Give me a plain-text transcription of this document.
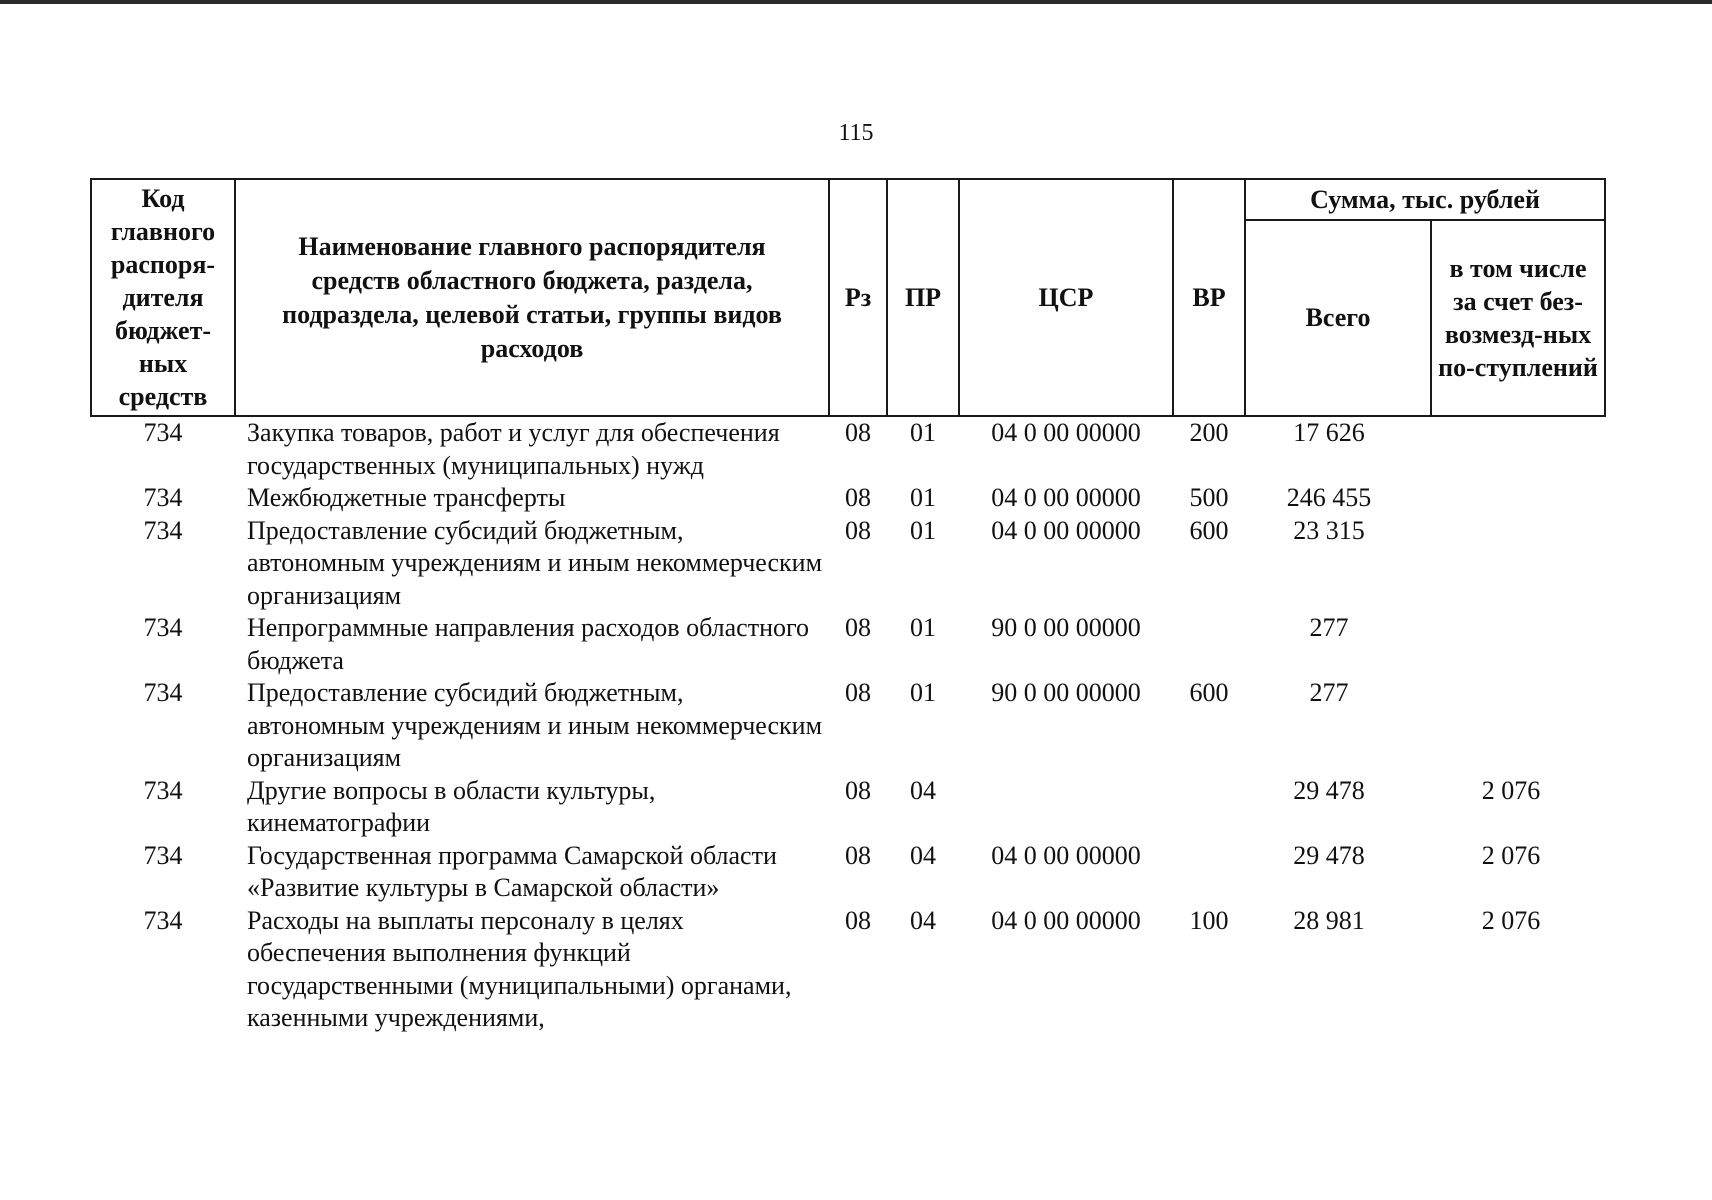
115
Код главного распоря-дителя бюджет-ных средств	Наименование главного распорядителя средств областного бюджета, раздела, подраздела, целевой статьи, группы видов расходов	Рз	ПР	ЦСР	ВР	Сумма, тыс. рублей	
						Всего	в том числе за счет без-возмезд-ных по-ступлений
734	Закупка товаров, работ и услуг для обеспечения государственных (муниципальных) нужд	08	01	04 0 00 00000	200	17 626	
734	Межбюджетные трансферты	08	01	04 0 00 00000	500	246 455	
734	Предоставление субсидий бюджетным, автономным учреждениям и иным некоммерческим организациям	08	01	04 0 00 00000	600	23 315	
734	Непрограммные направления расходов областного бюджета	08	01	90 0 00 00000		277	
734	Предоставление субсидий бюджетным, автономным учреждениям и иным некоммерческим организациям	08	01	90 0 00 00000	600	277	
734	Другие вопросы в области культуры, кинематографии	08	04			29 478	2 076
734	Государственная программа Самарской области «Развитие культуры в Самарской области»	08	04	04 0 00 00000		29 478	2 076
734	Расходы на выплаты персоналу в целях обеспечения выполнения функций государственными (муниципальными) органами, казенными учреждениями,	08	04	04 0 00 00000	100	28 981	2 076
